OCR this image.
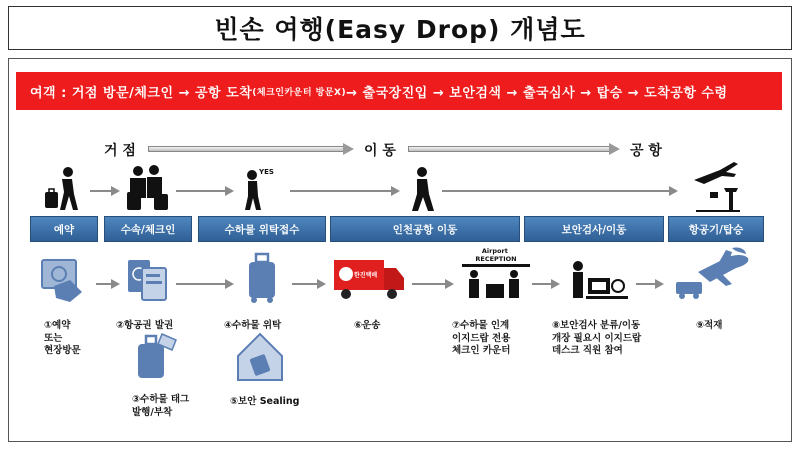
빈손 여행(Easy Drop) 개념도
여객 : 거점 방문/체크인 → 공항 도착 (체크인카운터 방문X) → 출국장진입 → 보안검색 → 출국심사 → 탑승 → 도착공항 수령
거 점	이 동	공 항
YES
예약	수속/체크인	수하물 위탁접수	인천공항 이동	보안검사/이동	항공기/탑승
한진택배
Airport RECEPTION
①예약
또는
현장방문
②항공권 발권
③수하물 태그
발행/부착
④수하물 위탁
⑤보안 Sealing
⑥운송	⑦수하물 인계
이지드랍 전용
체크인 카운터
⑧보안검사 분류/이동
개장 필요시 이지드랍
데스크 직원 참여
⑨적재
